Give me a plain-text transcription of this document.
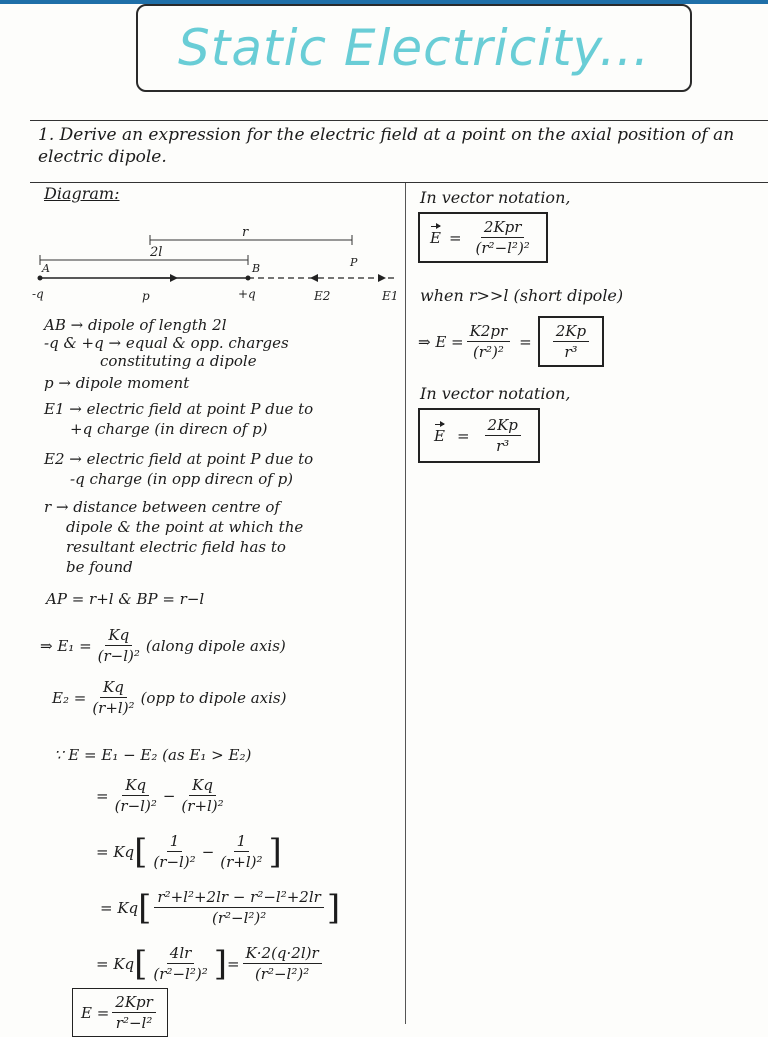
Static Electricity...
1. Derive an expression for the electric field at a point on the axial position of an electric dipole.
Diagram:
r
2l
A	B	P
-q	+q
p	E2	E1
AB → dipole of length 2l
-q & +q → equal & opp. charges
constituting a dipole
p → dipole moment
E1 → electric field at point P due to
+q charge (in direcn of p)
E2 → electric field at point P due to
-q charge (in opp direcn of p)
r → distance between centre of
dipole & the point at which the
resultant electric field has to
be found
AP = r+l & BP = r−l
⇒ $E_1 = \frac{Kq}{\text{(r−l)²}}$ (along dipole axis)
$E_2 = \frac{Kq}{\text{(r+l)²}} (opp$ to dipole axis)
∵ E = E₁ − E₂ (as E₁ > E₂)
= $\frac{Kq}{\text{(r−l)²}} - \frac{Kq}{\text{(r+l)²}}$
= Kq [ $\frac{1}{\text{(r−l)²}} - \frac{1}{\text{(r+l)²}}$ ]
= Kq [ $\frac{\text{r²+l²+2lr − r²−l²+2lr}}{\text{(r²−l²)²}}$ ]
= Kq [ $\frac{4lr}{\text{(r²−l²)²}}$ ] = $\frac{K\cdot 2(q\cdot 2l)r}{\text{(r²−l²)²}}$
$E = \frac{\text{2Kpr}}{\text{r²−l²}}$
In vector notation,
$E = \frac{\text{2Kpr}}{\text{(r²−l²)²}}$
when r>>l (short dipole)
⇒ $E = \frac{K2pr}{\text{(r²)²}} = \frac{2Kp}{\text{r³}}$
In vector notation,
$E = \frac{2Kp}{\text{r³}}$
